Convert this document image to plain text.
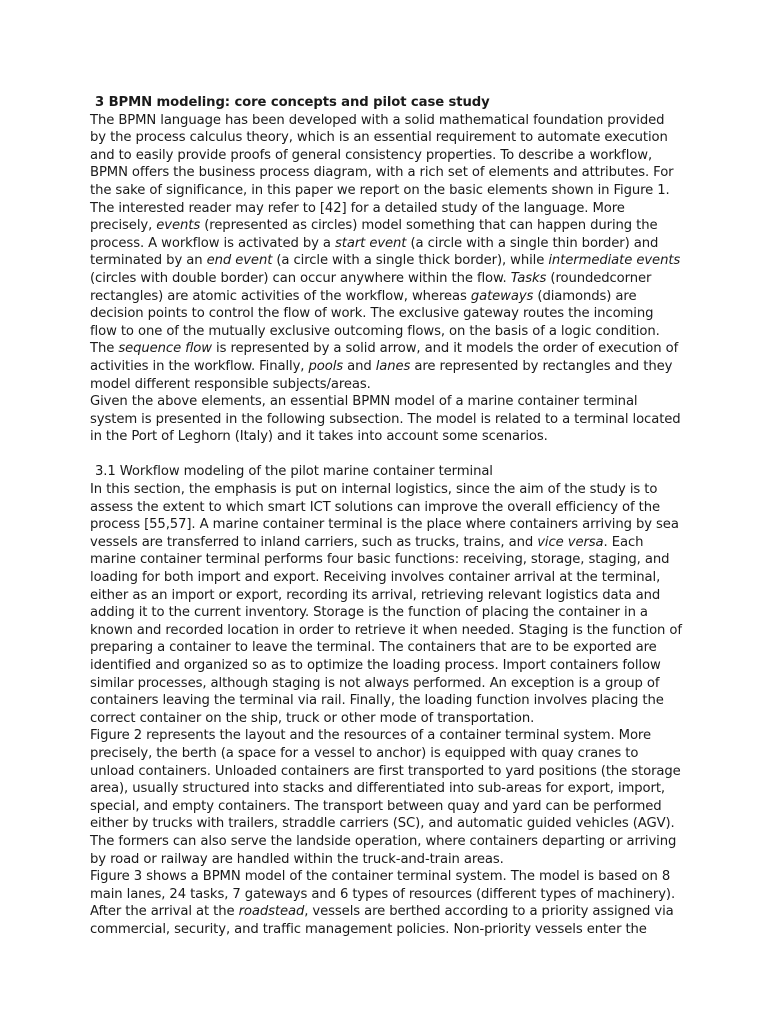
3 BPMN modeling: core concepts and pilot case study

The BPMN language has been developed with a solid mathematical foundation provided by the process calculus theory, which is an essential requirement to automate execution and to easily provide proofs of general consistency properties. To describe a workflow, BPMN offers the business process diagram, with a rich set of elements and attributes. For the sake of significance, in this paper we report on the basic elements shown in Figure 1.

The interested reader may refer to [42] for a detailed study of the language. More precisely, events (represented as circles) model something that can happen during the process. A workflow is activated by a start event (a circle with a single thin border) and terminated by an end event (a circle with a single thick border), while intermediate events (circles with double border) can occur anywhere within the flow. Tasks (roundedcorner rectangles) are atomic activities of the workflow, whereas gateways (diamonds) are decision points to control the flow of work. The exclusive gateway routes the incoming flow to one of the mutually exclusive outcoming flows, on the basis of a logic condition. The sequence flow is represented by a solid arrow, and it models the order of execution of activities in the workflow. Finally, pools and lanes are represented by rectangles and they model different responsible subjects/areas.

Given the above elements, an essential BPMN model of a marine container terminal system is presented in the following subsection. The model is related to a terminal located in the Port of Leghorn (Italy) and it takes into account some scenarios.

3.1 Workflow modeling of the pilot marine container terminal

In this section, the emphasis is put on internal logistics, since the aim of the study is to assess the extent to which smart ICT solutions can improve the overall efficiency of the process [55,57]. A marine container terminal is the place where containers arriving by sea vessels are transferred to inland carriers, such as trucks, trains, and vice versa. Each marine container terminal performs four basic functions: receiving, storage, staging, and loading for both import and export. Receiving involves container arrival at the terminal, either as an import or export, recording its arrival, retrieving relevant logistics data and adding it to the current inventory. Storage is the function of placing the container in a known and recorded location in order to retrieve it when needed. Staging is the function of preparing a container to leave the terminal. The containers that are to be exported are identified and organized so as to optimize the loading process. Import containers follow similar processes, although staging is not always performed. An exception is a group of containers leaving the terminal via rail. Finally, the loading function involves placing the correct container on the ship, truck or other mode of transportation.

Figure 2 represents the layout and the resources of a container terminal system. More precisely, the berth (a space for a vessel to anchor) is equipped with quay cranes to unload containers. Unloaded containers are first transported to yard positions (the storage area), usually structured into stacks and differentiated into sub-areas for export, import, special, and empty containers. The transport between quay and yard can be performed either by trucks with trailers, straddle carriers (SC), and automatic guided vehicles (AGV). The formers can also serve the landside operation, where containers departing or arriving by road or railway are handled within the truck-and-train areas.

Figure 3 shows a BPMN model of the container terminal system. The model is based on 8 main lanes, 24 tasks, 7 gateways and 6 types of resources (different types of machinery). After the arrival at the roadstead, vessels are berthed according to a priority assigned via commercial, security, and traffic management policies. Non-priority vessels enter the
